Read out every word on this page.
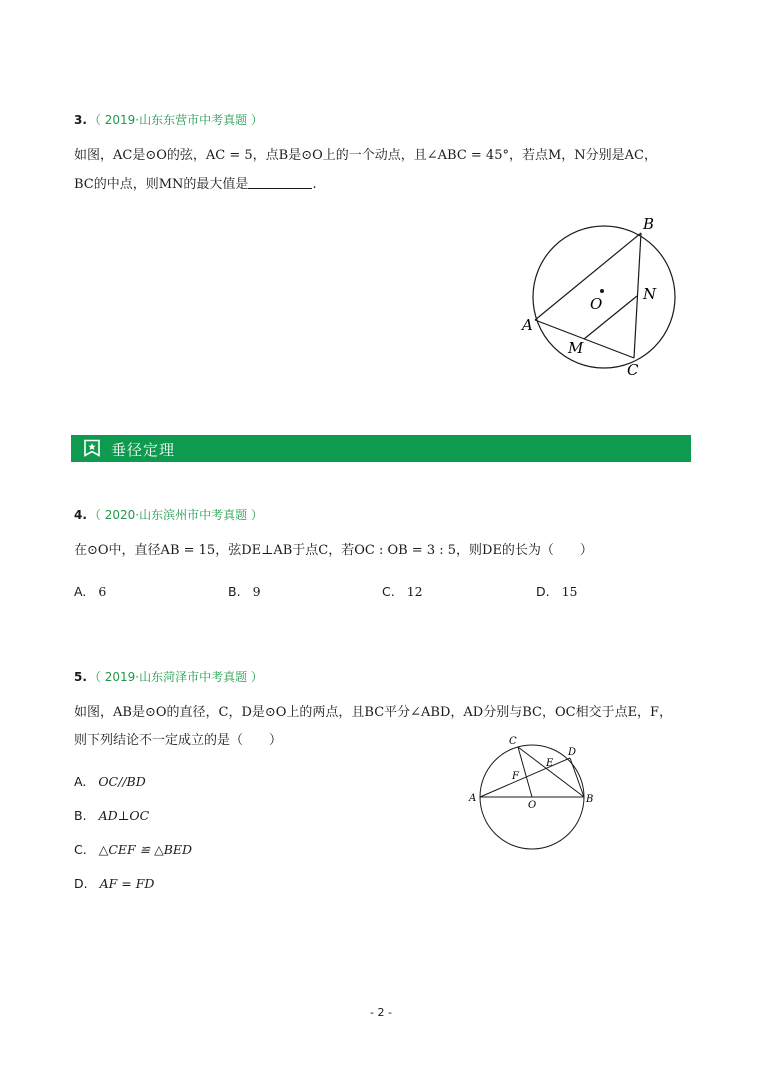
3. （ 2019·山东东营市中考真题 ）
如图，AC是⊙O的弦，AC = 5，点B是⊙O上的一个动点，且∠ABC = 45°，若点M，N分别是AC，
BC的中点，则MN的最大值是	.
B
N
O
A
M
C
垂径定理
4. （ 2020·山东滨州市中考真题 ）
在⊙O中，直径AB = 15，弦DE⊥AB于点C，若OC : OB = 3 : 5，则DE的长为（　　）
A. 6	B. 9	C. 12	D. 15
5. （ 2019·山东菏泽市中考真题 ）
如图，AB是⊙O的直径，C，D是⊙O上的两点，且BC平分∠ABD，AD分别与BC，OC相交于点E，F，
则下列结论不一定成立的是（　　）
A. OC//BD
B. AD⊥OC
C. △CEF ≌ △BED
D. AF = FD
C
D
E
F
A
O
B
- 2 -
